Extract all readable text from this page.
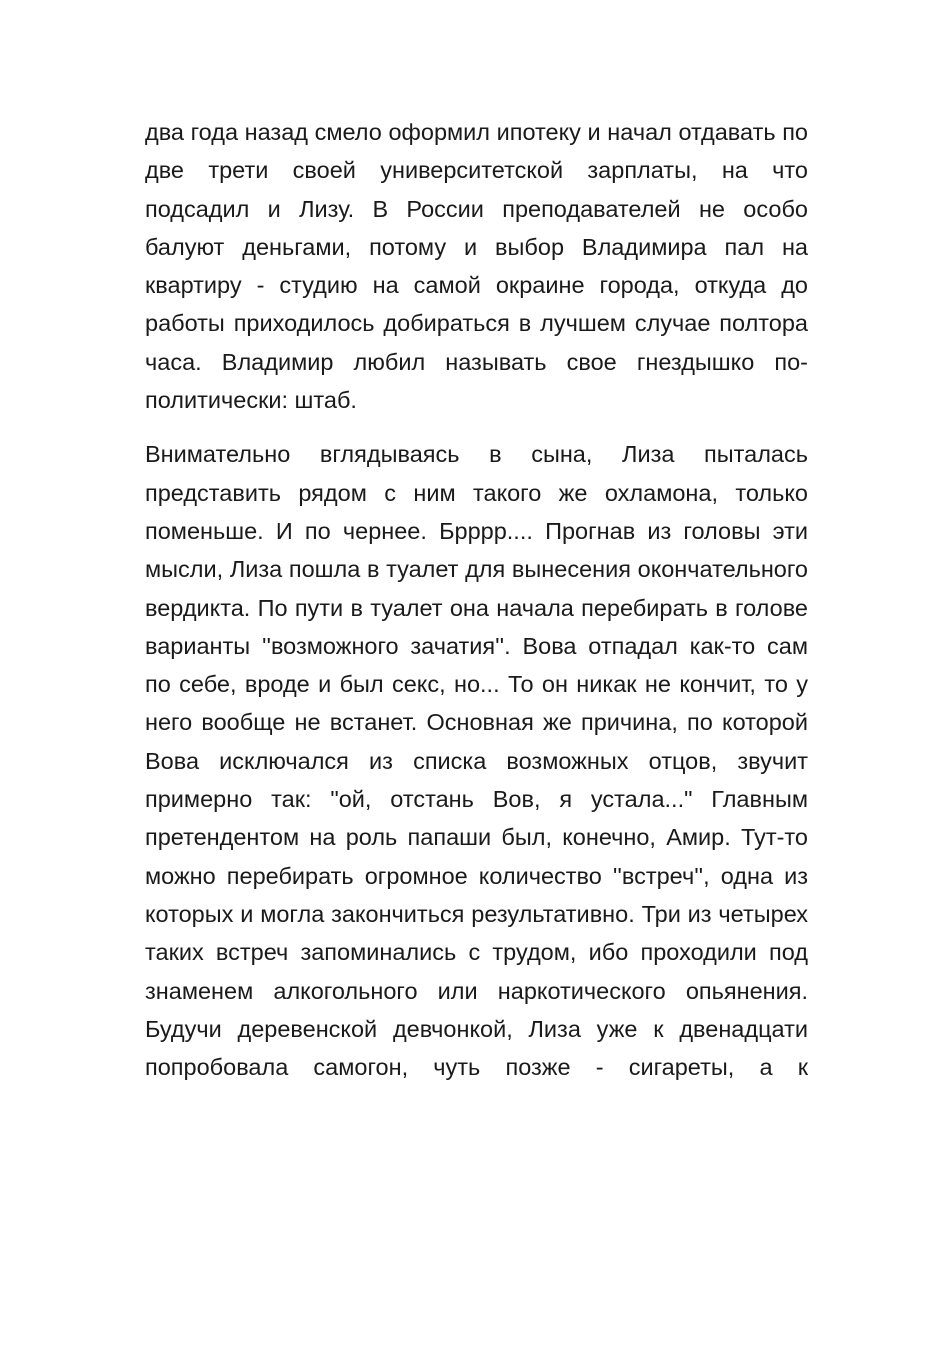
два года назад смело оформил ипотеку и начал отдавать по две трети своей университетской зарплаты, на что подсадил и Лизу. В России преподавателей не особо балуют деньгами, потому и выбор Владимира пал на квартиру - студию на самой окраине города, откуда до работы приходилось добираться в лучшем случае полтора часа. Владимир любил называть свое гнездышко по-политически: штаб.

Внимательно вглядываясь в сына, Лиза пыталась представить рядом с ним такого же охламона, только поменьше. И по чернее. Брррр.... Прогнав из головы эти мысли, Лиза пошла в туалет для вынесения окончательного вердикта. По пути в туалет она начала перебирать в голове варианты ''возможного зачатия''. Вова отпадал как-то сам по себе, вроде и был секс, но... То он никак не кончит, то у него вообще не встанет. Основная же причина, по которой Вова исключался из списка возможных отцов, звучит примерно так: "ой, отстань Вов, я устала..." Главным претендентом на роль папаши был, конечно, Амир. Тут-то можно перебирать огромное количество ''встреч'', одна из которых и могла закончиться результативно. Три из четырех таких встреч запоминались с трудом, ибо проходили под знаменем алкогольного или наркотического опьянения. Будучи деревенской девчонкой, Лиза уже к двенадцати попробовала самогон, чуть позже - сигареты, а к
